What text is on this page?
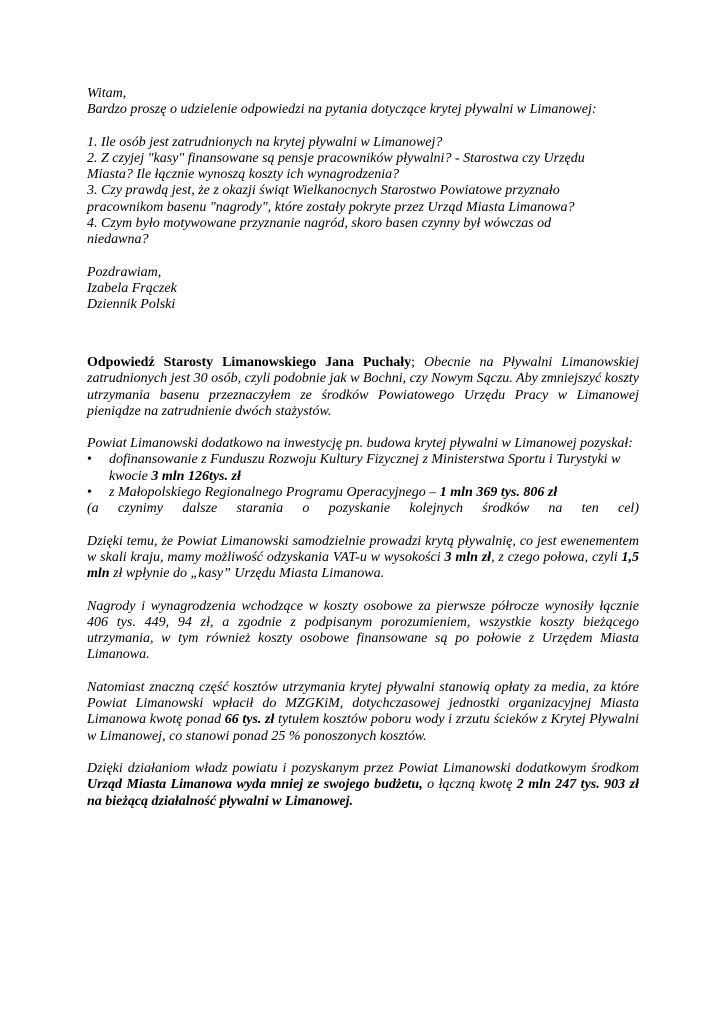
Witam,

Bardzo proszę o udzielenie odpowiedzi na pytania dotyczące krytej pływalni w Limanowej:

1. Ile osób jest zatrudnionych na krytej pływalni w Limanowej?
2. Z czyjej "kasy" finansowane są pensje pracowników pływalni? - Starostwa czy Urzędu
Miasta? Ile łącznie wynoszą koszty ich wynagrodzenia?
3. Czy prawdą jest, że z okazji świąt Wielkanocnych Starostwo Powiatowe przyznało
pracownikom basenu "nagrody", które zostały pokryte przez Urząd Miasta Limanowa?
4. Czym było motywowane przyznanie nagród, skoro basen czynny był wówczas od
niedawna?

Pozdrawiam,

Izabela Frączek

Dziennik Polski

Odpowiedź Starosty Limanowskiego Jana Puchały; Obecnie na Pływalni Limanowskiej zatrudnionych jest 30 osób, czyli podobnie jak w Bochni, czy Nowym Sączu. Aby zmniejszyć koszty utrzymania basenu przeznaczyłem ze środków Powiatowego Urzędu Pracy w Limanowej pieniądze na zatrudnienie dwóch stażystów.

Powiat Limanowski dodatkowo na inwestycję pn. budowa krytej pływalni w Limanowej pozyskał:

• dofinansowanie z Funduszu Rozwoju Kultury Fizycznej z Ministerstwa Sportu i Turystyki w kwocie 3 mln 126tys. zł
• z Małopolskiego Regionalnego Programu Operacyjnego – 1 mln 369 tys. 806 zł

(a czynimy dalsze starania o pozyskanie kolejnych środków na ten cel)

Dzięki temu, że Powiat Limanowski samodzielnie prowadzi krytą pływalnię, co jest ewenementem w skali kraju, mamy możliwość odzyskania VAT-u w wysokości 3 mln zł, z czego połowa, czyli 1,5 mln zł wpłynie do „kasy” Urzędu Miasta Limanowa.

Nagrody i wynagrodzenia wchodzące w koszty osobowe za pierwsze półrocze wynosiły łącznie 406 tys. 449, 94 zł, a zgodnie z podpisanym porozumieniem, wszystkie koszty bieżącego utrzymania, w tym również koszty osobowe finansowane są po połowie z Urzędem Miasta Limanowa.

Natomiast znaczną część kosztów utrzymania krytej pływalni stanowią opłaty za media, za które Powiat Limanowski wpłacił do MZGKiM, dotychczasowej jednostki organizacyjnej Miasta Limanowa kwotę ponad 66 tys. zł tytułem kosztów poboru wody i zrzutu ścieków z Krytej Pływalni w Limanowej, co stanowi ponad 25 % ponoszonych kosztów.

Dzięki działaniom władz powiatu i pozyskanym przez Powiat Limanowski dodatkowym środkom Urząd Miasta Limanowa wyda mniej ze swojego budżetu, o łączną kwotę 2 mln 247 tys. 903 zł na bieżącą działalność pływalni w Limanowej.
